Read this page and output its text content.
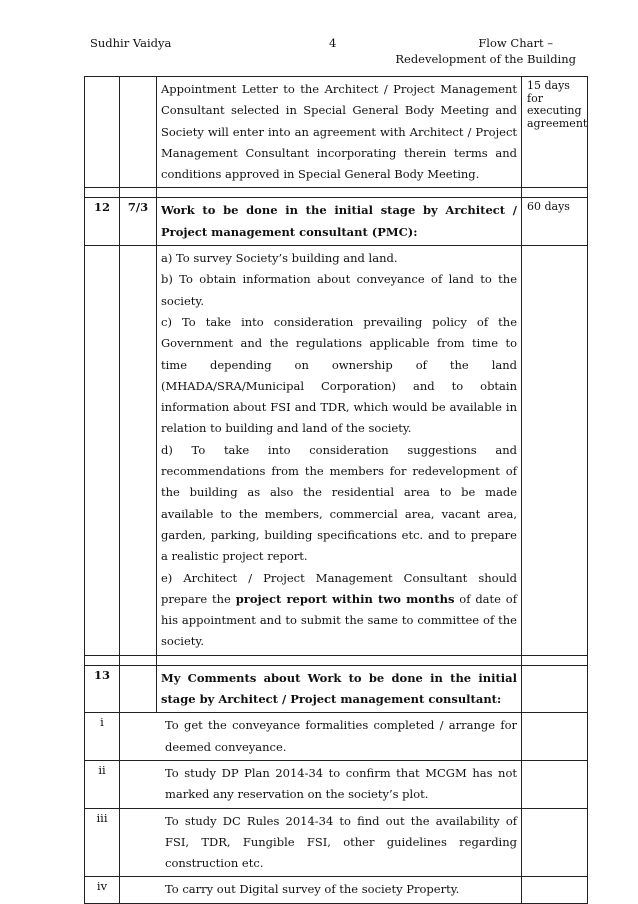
Sudhir Vaidya	4	Flow Chart –
Redevelopment of the Building
		Appointment Letter to the Architect / Project Management Consultant selected in Special General Body Meeting and Society will enter into an agreement with Architect / Project Management Consultant incorporating therein terms and conditions approved in Special General Body Meeting.	15 days for executing agreement

12	7/3	Work to be done in the initial stage by Architect / Project management consultant (PMC):	60 days

		a) To survey Society’s building and land.

b) To obtain information about conveyance of land to the society.

c) To take into consideration prevailing policy of the Government and the regulations applicable from time to time depending on ownership of the land (MHADA/SRA/Municipal Corporation) and to obtain information about FSI and TDR, which would be available in relation to building and land of the society.

d) To take into consideration suggestions and recommendations from the members for redevelopment of the building as also the residential area to be made available to the members, commercial area, vacant area, garden, parking, building specifications etc. and to prepare a realistic project report.

e) Architect / Project Management Consultant should prepare the project report within two months of date of his appointment and to submit the same to committee of the society.	

13		My Comments about Work to be done in the initial stage by Architect / Project management consultant:	
i	To get the conveyance formalities completed / arrange for deemed conveyance.		
ii	To study DP Plan 2014-34 to confirm that MCGM has not marked any reservation on the society’s plot.		
iii	To study DC Rules 2014-34 to find out the availability of FSI, TDR, Fungible FSI, other guidelines regarding construction etc.		
iv	To carry out Digital survey of the society Property.		
